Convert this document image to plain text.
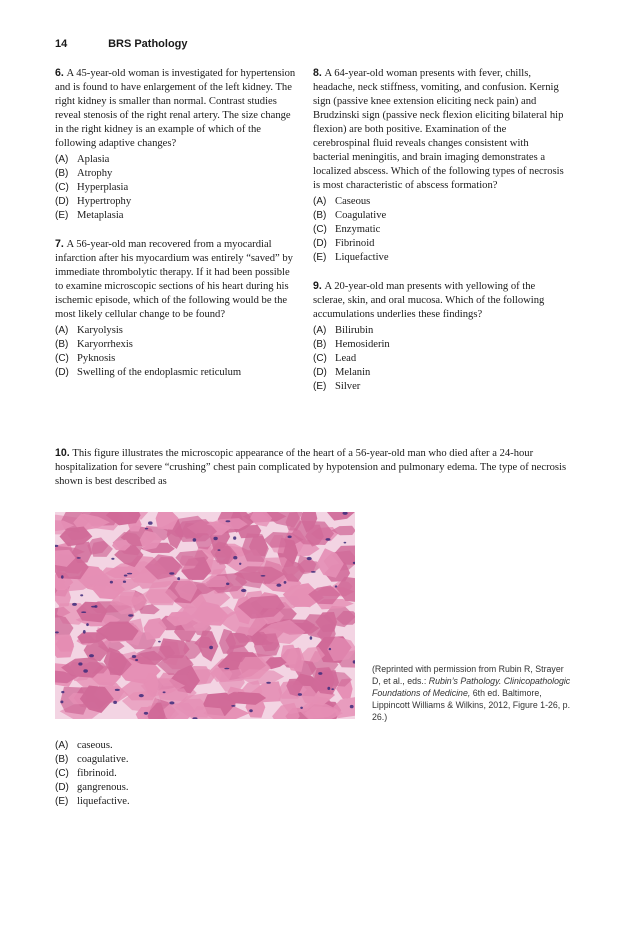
14	BRS Pathology
6. A 45-year-old woman is investigated for hypertension and is found to have enlargement of the left kidney. The right kidney is smaller than normal. Contrast studies reveal stenosis of the right renal artery. The size change in the right kidney is an example of which of the following adaptive changes?
(A) Aplasia
(B) Atrophy
(C) Hyperplasia
(D) Hypertrophy
(E) Metaplasia
7. A 56-year-old man recovered from a myocardial infarction after his myocardium was entirely “saved” by immediate thrombolytic therapy. If it had been possible to examine microscopic sections of his heart during his ischemic episode, which of the following would be the most likely cellular change to be found?
(A) Karyolysis
(B) Karyorrhexis
(C) Pyknosis
(D) Swelling of the endoplasmic reticulum
8. A 64-year-old woman presents with fever, chills, headache, neck stiffness, vomiting, and confusion. Kernig sign (passive knee extension eliciting neck pain) and Brudzinski sign (passive neck flexion eliciting bilateral hip flexion) are both positive. Examination of the cerebrospinal fluid reveals changes consistent with bacterial meningitis, and brain imaging demonstrates a localized abscess. Which of the following types of necrosis is most characteristic of abscess formation?
(A) Caseous
(B) Coagulative
(C) Enzymatic
(D) Fibrinoid
(E) Liquefactive
9. A 20-year-old man presents with yellowing of the sclerae, skin, and oral mucosa. Which of the following accumulations underlies these findings?
(A) Bilirubin
(B) Hemosiderin
(C) Lead
(D) Melanin
(E) Silver
10. This figure illustrates the microscopic appearance of the heart of a 56-year-old man who died after a 24-hour hospitalization for severe “crushing” chest pain complicated by hypotension and pulmonary edema. The type of necrosis shown is best described as
(Reprinted with permission from Rubin R, Strayer D, et al., eds.: Rubin’s Pathology. Clinicopathologic Foundations of Medicine, 6th ed. Baltimore, Lippincott Williams & Wilkins, 2012, Figure 1-26, p. 26.)
(A) caseous.
(B) coagulative.
(C) fibrinoid.
(D) gangrenous.
(E) liquefactive.
